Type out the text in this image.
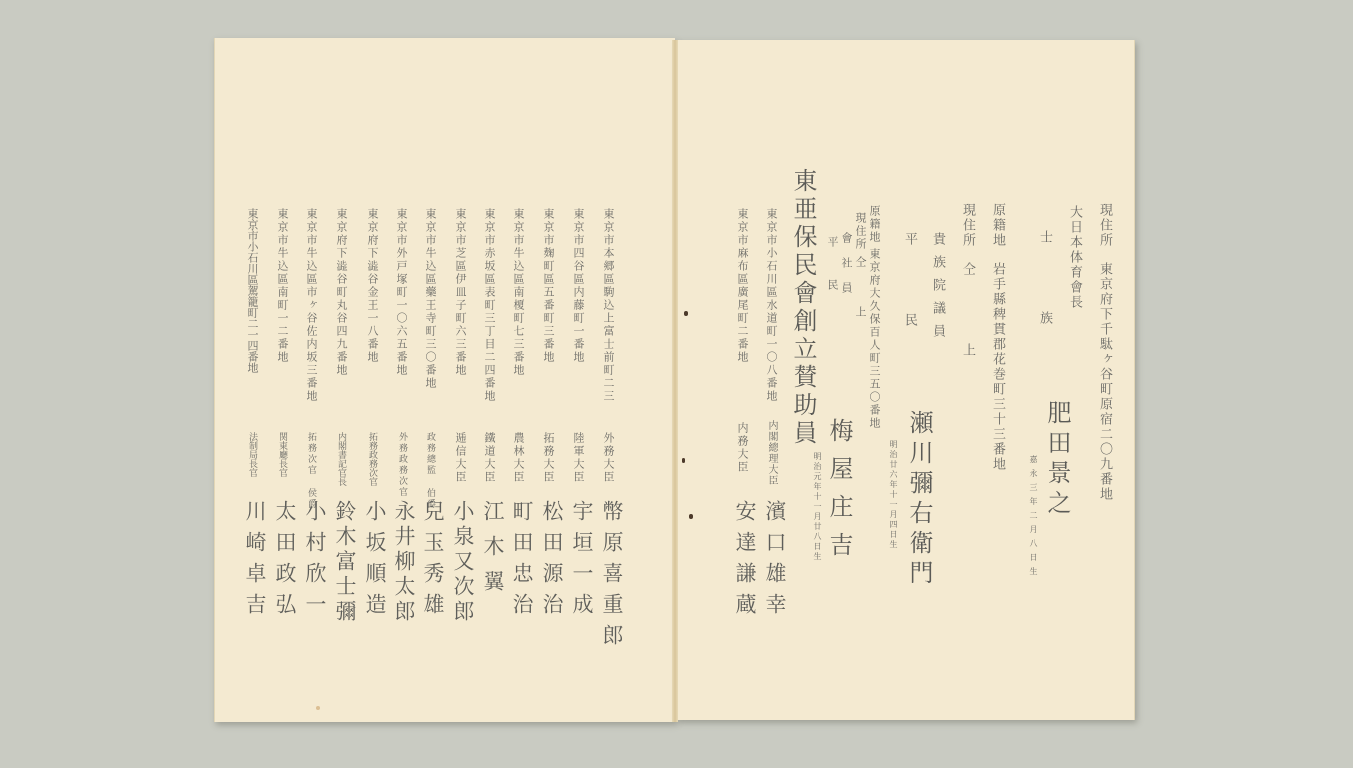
現住所
東京府下千駄ヶ谷町原宿二〇九番地
大日本体育會長
士　　族
肥田景之
嘉永三年二月八日生
原籍地
岩手縣稗貫郡花巻町三十三番地
現住所
仝　　上
貴族院議員
平　　民
瀬川彌右衛門
明治廿六年十一月四日生
原籍地
東京府大久保百人町三五〇番地
現住所
仝　上
會社員
平民
梅屋庄吉
明治元年十一月廿八日生
東亜保民會創立賛助員
東京市小石川區水道町一〇八番地
内閣總理大臣
濱口雄幸
東京市麻布區廣尾町二番地
内務大臣
安達謙蔵
東京市本郷區駒込上富士前町二三
外務大臣
幣原喜重郎
東京市四谷區内藤町一番地
陸軍大臣
宇垣一成
東京市麹町區五番町三番地
拓務大臣
松田源治
東京市牛込區南榎町七三番地
農林大臣
町田忠治
東京市赤坂區表町三丁目二四番地
鐵道大臣
江木翼
東京市芝區伊皿子町六三番地
逓信大臣
小泉又次郎
東京市牛込區藥王寺町三〇番地
政務總監 伯爵
兒玉秀雄
東京市外戸塚町一〇六五番地
外務政務次官
永井柳太郎
東京府下澁谷金王一八番地
拓務政務次官
小坂順造
東京府下澁谷町丸谷四九番地
内閣書記官長
鈴木富士彌
東京市牛込區市ヶ谷佐内坂三番地
拓務次官 侯爵
小村欣一
東京市牛込區南町一二番地
関東廳長官
太田政弘
東京市小石川區駕籠町二一四番地
法制局長官
川崎卓吉
